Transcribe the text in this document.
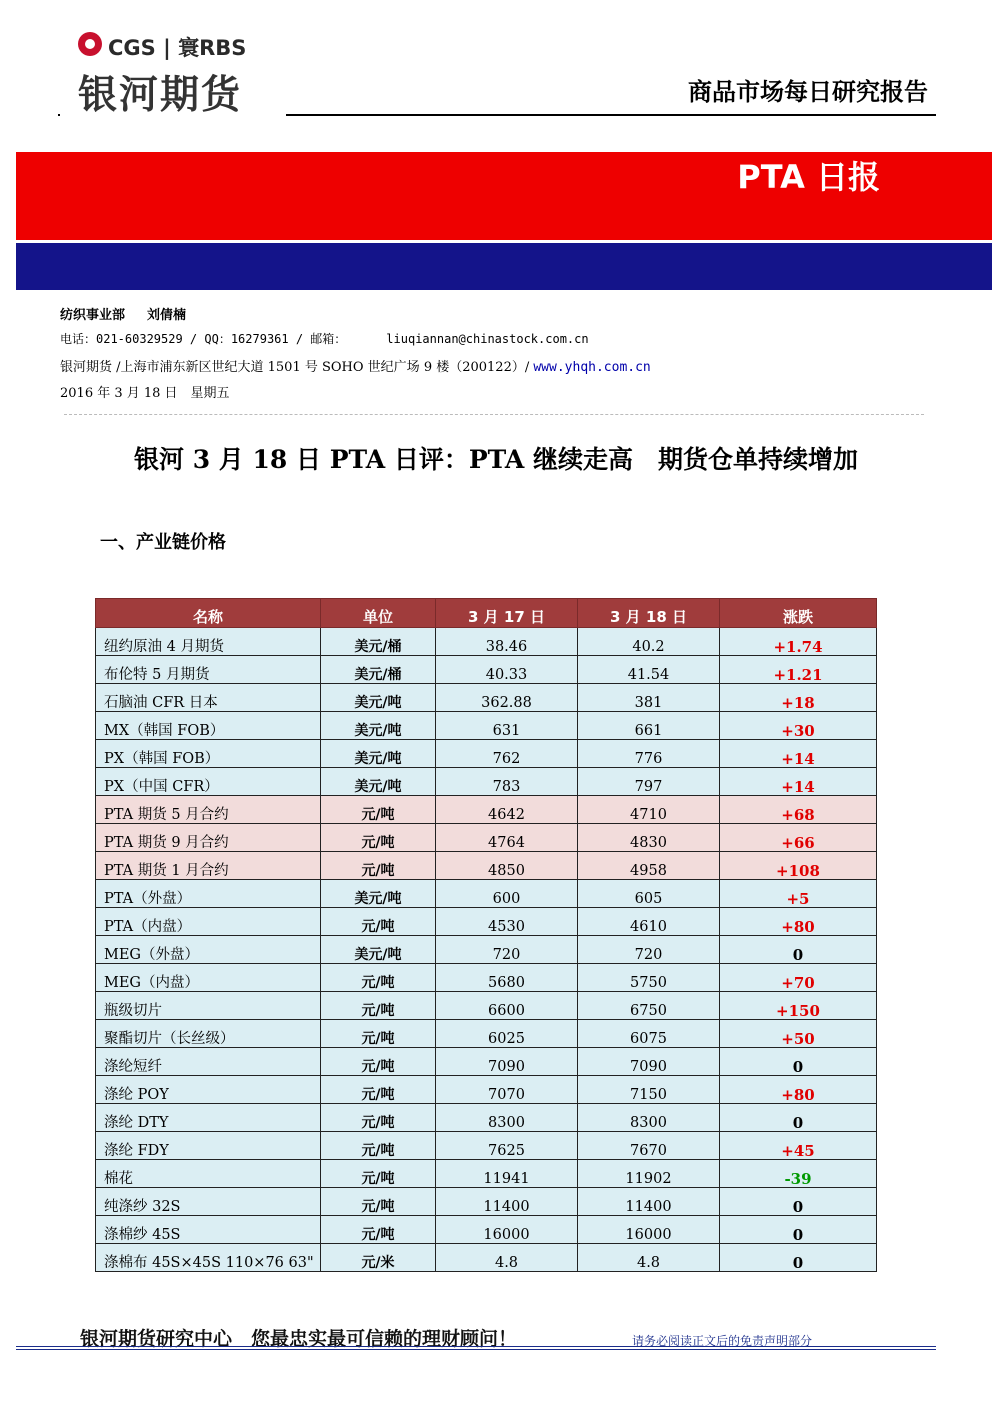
CGS | 寰RBS
银河期货	商品市场每日研究报告
PTA 日报
纺织事业部 刘倩楠
电话：021-60329529 / QQ：16279361 / 邮箱：	liuqiannan@chinastock.com.cn
银河期货 /上海市浦东新区世纪大道 1501 号 SOHO 世纪广场 9 楼（200122）/ www.yhqh.com.cn
2016 年 3 月 18 日　星期五
银河 3 月 18 日 PTA 日评：PTA 继续走高　期货仓单持续增加
一、产业链价格
名称	单位	3 月 17 日	3 月 18 日	涨跌
纽约原油 4 月期货	美元/桶	38.46	40.2	+1.74
布伦特 5 月期货	美元/桶	40.33	41.54	+1.21
石脑油 CFR 日本	美元/吨	362.88	381	+18
MX（韩国 FOB）	美元/吨	631	661	+30
PX（韩国 FOB）	美元/吨	762	776	+14
PX（中国 CFR）	美元/吨	783	797	+14
PTA 期货 5 月合约	元/吨	4642	4710	+68
PTA 期货 9 月合约	元/吨	4764	4830	+66
PTA 期货 1 月合约	元/吨	4850	4958	+108
PTA（外盘）	美元/吨	600	605	+5
PTA（内盘）	元/吨	4530	4610	+80
MEG（外盘）	美元/吨	720	720	0
MEG（内盘）	元/吨	5680	5750	+70
瓶级切片	元/吨	6600	6750	+150
聚酯切片（长丝级）	元/吨	6025	6075	+50
涤纶短纤	元/吨	7090	7090	0
涤纶 POY	元/吨	7070	7150	+80
涤纶 DTY	元/吨	8300	8300	0
涤纶 FDY	元/吨	7625	7670	+45
棉花	元/吨	11941	11902	-39
纯涤纱 32S	元/吨	11400	11400	0
涤棉纱 45S	元/吨	16000	16000	0
涤棉布 45S×45S 110×76 63"	元/米	4.8	4.8	0
银河期货研究中心　您最忠实最可信赖的理财顾问！	请务必阅读正文后的免责声明部分
